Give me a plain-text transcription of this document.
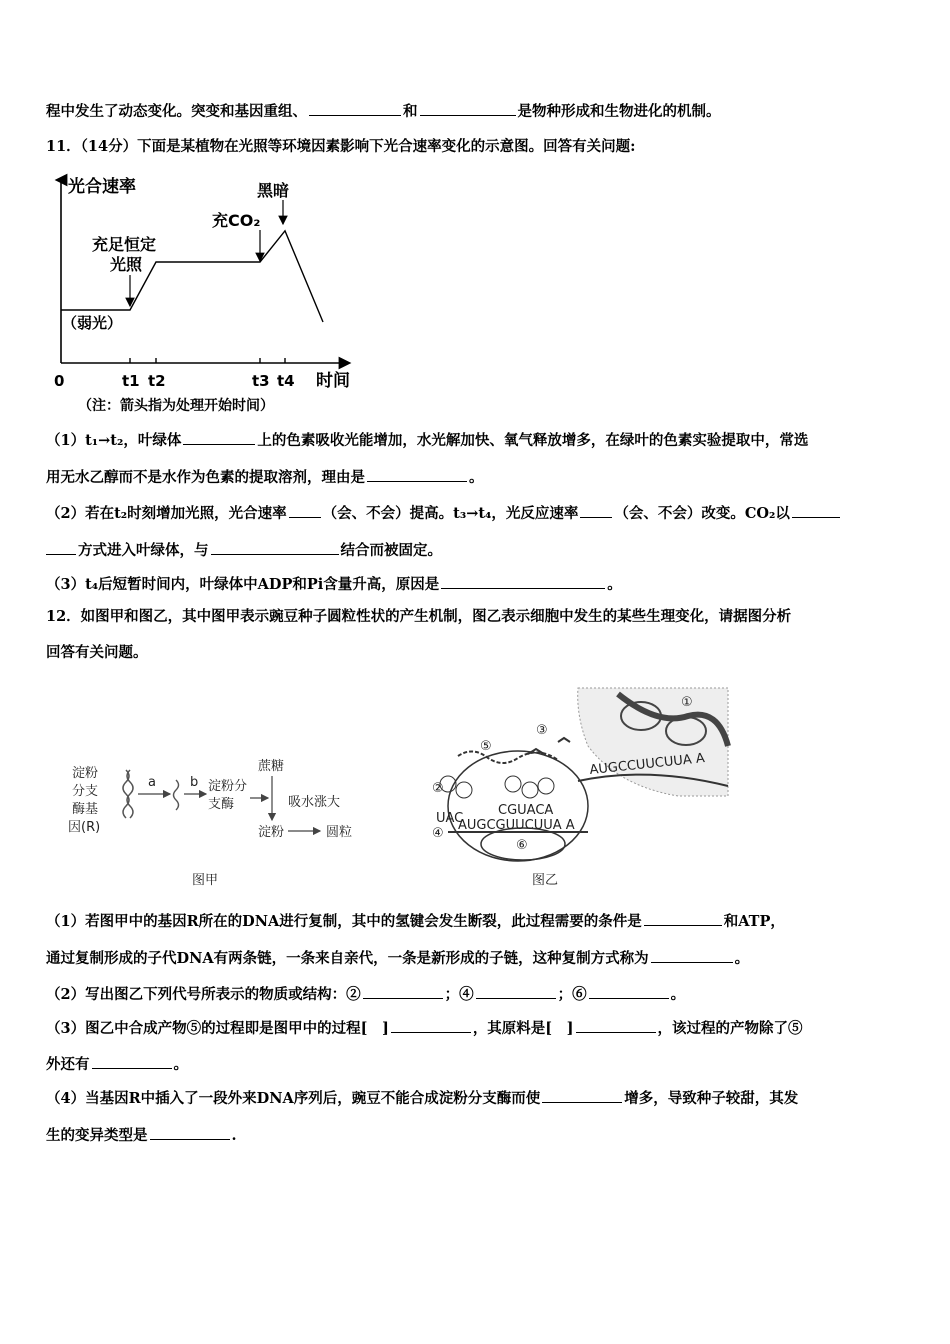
程中发生了动态变化。突变和基因重组、	和	是物种形成和生物进化的机制。
11．（14分）下面是某植物在光照等环境因素影响下光合速率变化的示意图。回答有关问题:
光合速率
时间
0	t1 t2	t3 t4
（弱光）
充足恒定
光照
充CO₂
黑暗
（注：箭头指为处理开始时间）
（1）t₁→t₂，叶绿体	上的色素吸收光能增加，水光解加快、氧气释放增多，在绿叶的色素实验提取中，常选
用无水乙醇而不是水作为色素的提取溶剂，理由是	。
（2）若在t₂时刻增加光照，光合速率 （会、不会）提高。t₃→t₄，光反应速率 （会、不会）改变。CO₂以
方式进入叶绿体，与	结合而被固定。
（3）t₄后短暂时间内，叶绿体中ADP和Pi含量升高，原因是	。
12．如图甲和图乙，其中图甲表示豌豆种子圆粒性状的产生机制，图乙表示细胞中发生的某些生理变化，请据图分析
回答有关问题。
淀粉
分支
酶基
因(R)
a	b 淀粉分
支酶
蔗糖
吸水涨大
淀粉	圆粒
图甲
①
AUGCCUUCUUA A
③
⑥
⑤
②
UAC
CGUACA
AUGCGUUCUUA A
④
图乙
（1）若图甲中的基因R所在的DNA进行复制，其中的氢键会发生断裂，此过程需要的条件是	和ATP，
通过复制形成的子代DNA有两条链，一条来自亲代，一条是新形成的子链，这种复制方式称为	。
（2）写出图乙下列代号所表示的物质或结构：②	；④	；⑥	。
（3）图乙中合成产物⑤的过程即是图甲中的过程[　]	，其原料是[　]	，该过程的产物除了⑤
外还有	。
（4）当基因R中插入了一段外来DNA序列后，豌豆不能合成淀粉分支酶而使	增多，导致种子较甜，其发
生的变异类型是	.
